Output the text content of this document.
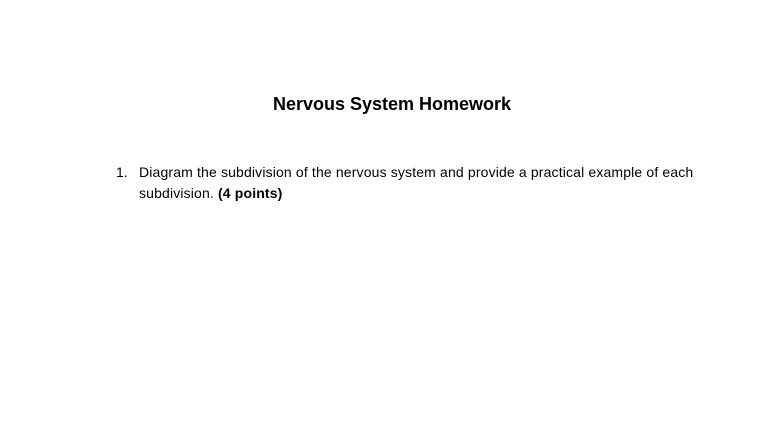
Nervous System Homework
1. Diagram the subdivision of the nervous system and provide a practical example of each subdivision. (4 points)
